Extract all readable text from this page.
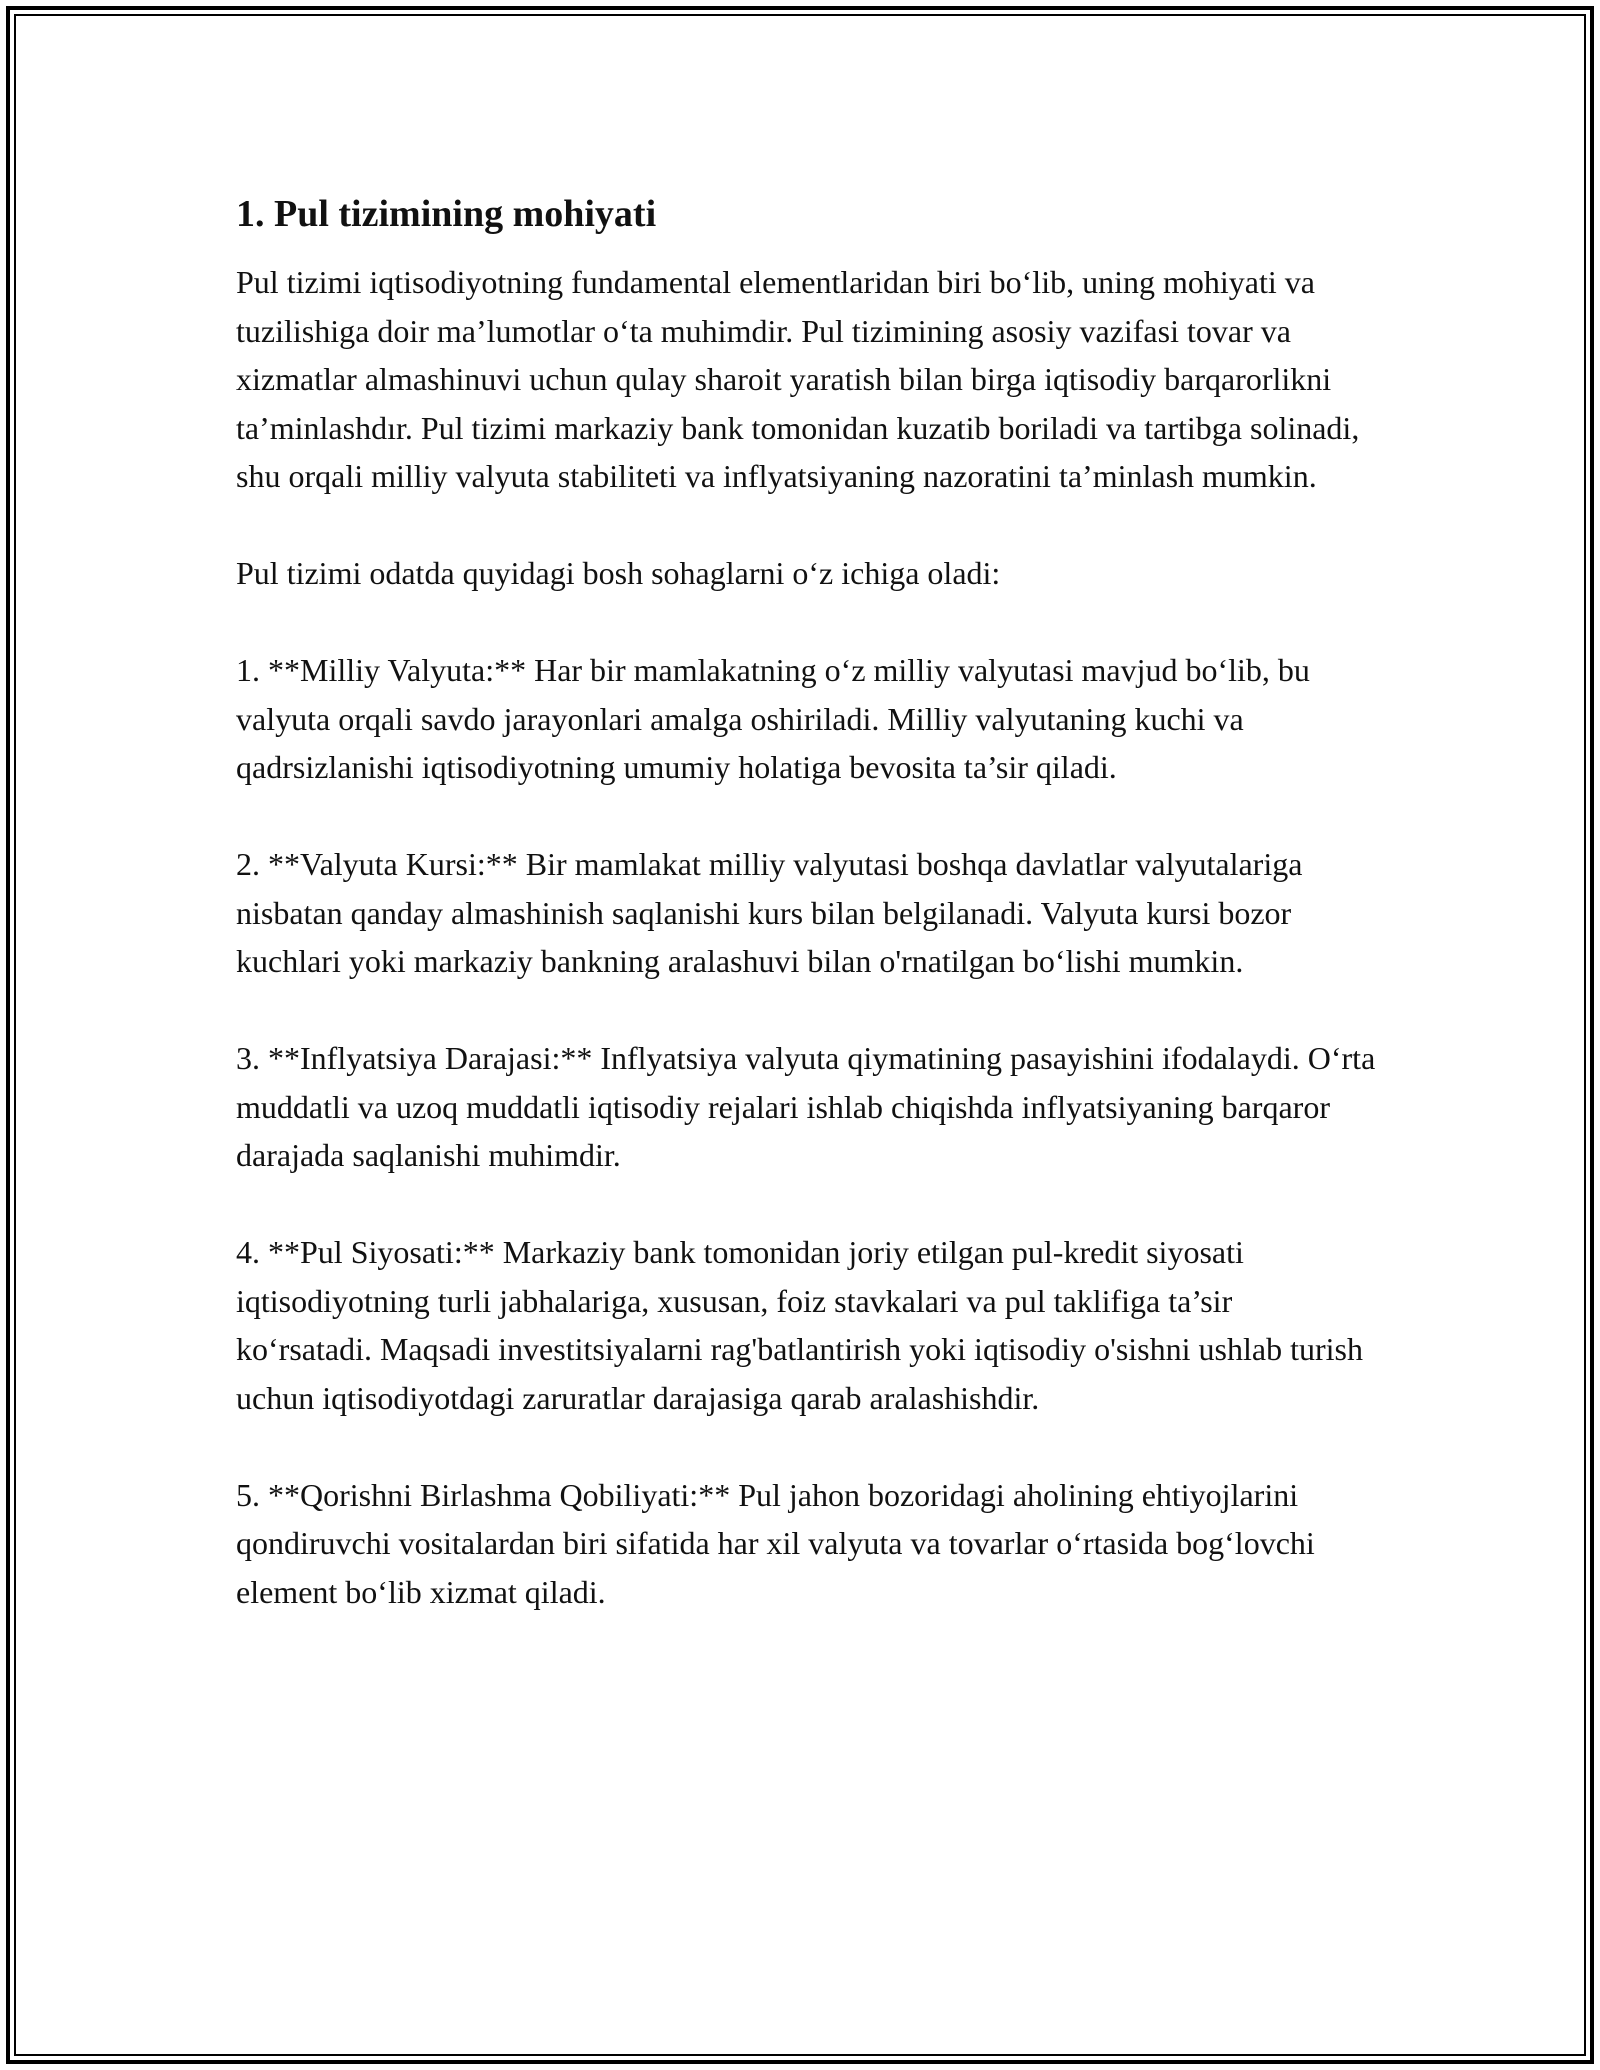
1. Pul tizimining mohiyati

Pul tizimi iqtisodiyotning fundamental elementlaridan biri bo‘lib, uning mohiyati va tuzilishiga doir ma’lumotlar o‘ta muhimdir. Pul tizimining asosiy vazifasi tovar va xizmatlar almashinuvi uchun qulay sharoit yaratish bilan birga iqtisodiy barqarorlikni ta’minlashdır. Pul tizimi markaziy bank tomonidan kuzatib boriladi va tartibga solinadi, shu orqali milliy valyuta stabiliteti va inflyatsiyaning nazoratini ta’minlash mumkin.

Pul tizimi odatda quyidagi bosh sohaglarni o‘z ichiga oladi:

1. **Milliy Valyuta:** Har bir mamlakatning o‘z milliy valyutasi mavjud bo‘lib, bu valyuta orqali savdo jarayonlari amalga oshiriladi. Milliy valyutaning kuchi va qadrsizlanishi iqtisodiyotning umumiy holatiga bevosita ta’sir qiladi.

2. **Valyuta Kursi:** Bir mamlakat milliy valyutasi boshqa davlatlar valyutalariga nisbatan qanday almashinish saqlanishi kurs bilan belgilanadi. Valyuta kursi bozor kuchlari yoki markaziy bankning aralashuvi bilan o'rnatilgan bo‘lishi mumkin.

3. **Inflyatsiya Darajasi:** Inflyatsiya valyuta qiymatining pasayishini ifodalaydi. O‘rta muddatli va uzoq muddatli iqtisodiy rejalari ishlab chiqishda inflyatsiyaning barqaror darajada saqlanishi muhimdir.

4. **Pul Siyosati:** Markaziy bank tomonidan joriy etilgan pul-kredit siyosati iqtisodiyotning turli jabhalariga, xususan, foiz stavkalari va pul taklifiga ta’sir ko‘rsatadi. Maqsadi investitsiyalarni rag'batlantirish yoki iqtisodiy o'sishni ushlab turish uchun iqtisodiyotdagi zaruratlar darajasiga qarab aralashishdir.

5. **Qorishni Birlashma Qobiliyati:** Pul jahon bozoridagi aholining ehtiyojlarini qondiruvchi vositalardan biri sifatida har xil valyuta va tovarlar o‘rtasida bog‘lovchi element bo‘lib xizmat qiladi.
